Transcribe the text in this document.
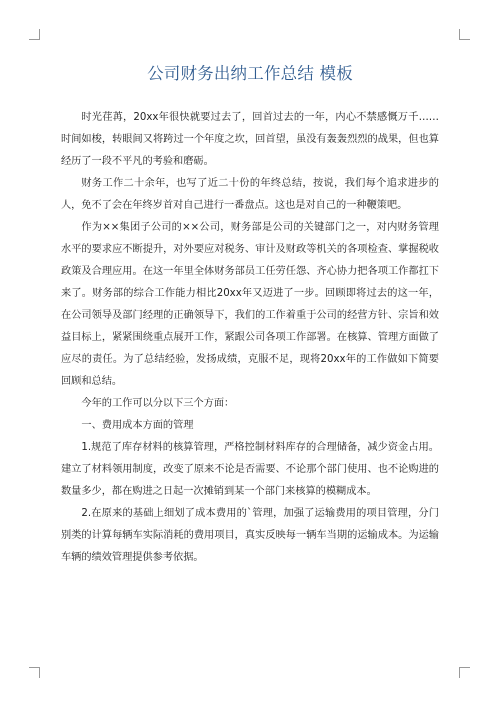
公司财务出纳工作总结 模板

时光荏苒，20xx年很快就要过去了，回首过去的一年，内心不禁感慨万千……时间如梭，转眼间又将跨过一个年度之坎，回首望，虽没有轰轰烈烈的战果，但也算经历了一段不平凡的考验和磨砺。

财务工作二十余年，也写了近二十份的年终总结，按说，我们每个追求进步的人，免不了会在年终岁首对自己进行一番盘点。这也是对自己的一种鞭策吧。

作为××集团子公司的××公司，财务部是公司的关键部门之一，对内财务管理水平的要求应不断提升，对外要应对税务、审计及财政等机关的各项检查、掌握税收政策及合理应用。在这一年里全体财务部员工任劳任怨、齐心协力把各项工作都扛下来了。财务部的综合工作能力相比20xx年又迈进了一步。回顾即将过去的这一年，在公司领导及部门经理的正确领导下，我们的工作着重于公司的经营方针、宗旨和效益目标上，紧紧围绕重点展开工作，紧跟公司各项工作部署。在核算、管理方面做了应尽的责任。为了总结经验，发扬成绩，克服不足，现将20xx年的工作做如下简要回顾和总结。

今年的工作可以分以下三个方面：

一、费用成本方面的管理

1.规范了库存材料的核算管理，严格控制材料库存的合理储备，减少资金占用。建立了材料领用制度，改变了原来不论是否需要、不论那个部门使用、也不论购进的数量多少，都在购进之日起一次摊销到某一个部门来核算的模糊成本。

2.在原来的基础上细划了成本费用的`管理，加强了运输费用的项目管理，分门别类的计算每辆车实际消耗的费用项目，真实反映每一辆车当期的运输成本。为运输车辆的绩效管理提供参考依据。
